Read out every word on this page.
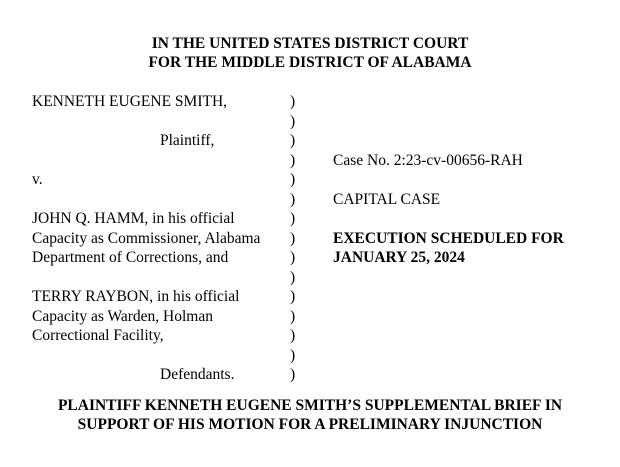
IN THE UNITED STATES DISTRICT COURT
FOR THE MIDDLE DISTRICT OF ALABAMA
KENNETH EUGENE SMITH,
Plaintiff,
v.
JOHN Q. HAMM, in his official
Capacity as Commissioner, Alabama
Department of Corrections, and
TERRY RAYBON, in his official
Capacity as Warden, Holman
Correctional Facility,
Defendants.
)
)
)
)
)
)
)
)
)
)
)
)
)
)
)
Case No. 2:23-cv-00656-RAH
CAPITAL CASE
EXECUTION SCHEDULED FOR
JANUARY 25, 2024
PLAINTIFF KENNETH EUGENE SMITH’S SUPPLEMENTAL BRIEF IN
SUPPORT OF HIS MOTION FOR A PRELIMINARY INJUNCTION
